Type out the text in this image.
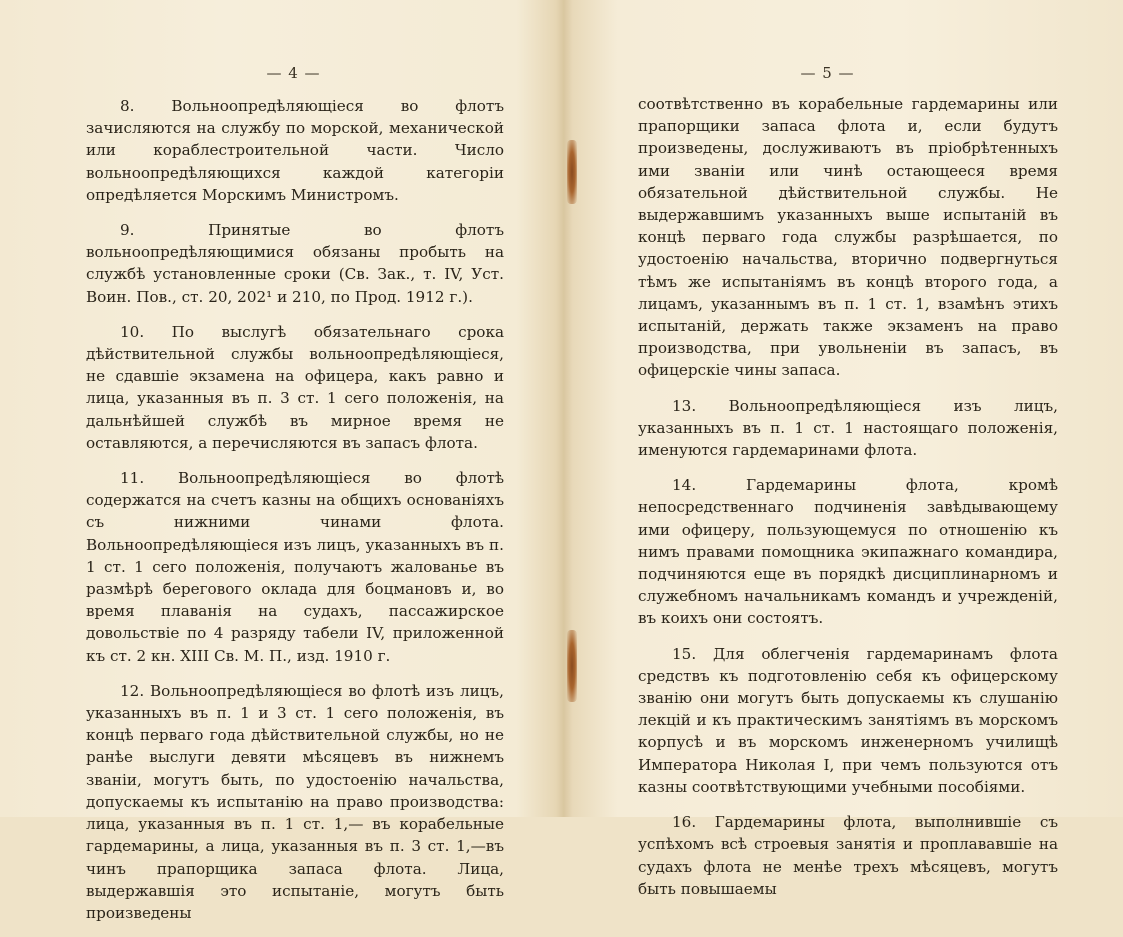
— 4 —

8. Вольноопредѣляющіеся во флотъ зачисляются на службу по морской, механической или кораблестроительной части. Число вольноопредѣляющихся каждой категоріи опредѣляется Морскимъ Министромъ.

9. Принятые во флотъ вольноопредѣляющимися обязаны пробыть на службѣ установленные сроки (Св. Зак., т. IV, Уст. Воин. Пов., ст. 20, 202¹ и 210, по Прод. 1912 г.).

10. По выслугѣ обязательнаго срока дѣйствительной службы вольноопредѣляющіеся, не сдавшіе экзамена на офицера, какъ равно и лица, указанныя въ п. 3 ст. 1 сего положенія, на дальнѣйшей службѣ въ мирное время не оставляются, а перечисляются въ запасъ флота.

11. Вольноопредѣляющіеся во флотѣ содержатся на счетъ казны на общихъ основаніяхъ съ нижними чинами флота. Вольноопредѣляющіеся изъ лицъ, указанныхъ въ п. 1 ст. 1 сего положенія, получаютъ жалованье въ размѣрѣ берегового оклада для боцмановъ и, во время плаванія на судахъ, пассажирское довольствіе по 4 разряду табели IV, приложенной къ ст. 2 кн. XIII Св. М. П., изд. 1910 г.

12. Вольноопредѣляющіеся во флотѣ изъ лицъ, указанныхъ въ п. 1 и 3 ст. 1 сего положенія, въ концѣ перваго года дѣйствительной службы, но не ранѣе выслуги девяти мѣсяцевъ въ нижнемъ званіи, могутъ быть, по удостоенію начальства, допускаемы къ испытанію на право производства: лица, указанныя въ п. 1 ст. 1,— въ корабельные гардемарины, а лица, указанныя въ п. 3 ст. 1,—въ чинъ прапорщика запаса флота. Лица, выдержавшія это испытаніе, могутъ быть произведены

— 5 —

соотвѣтственно въ корабельные гардемарины или прапорщики запаса флота и, если будутъ произведены, дослуживаютъ въ пріобрѣтенныхъ ими званіи или чинѣ остающееся время обязательной дѣйствительной службы. Не выдержавшимъ указанныхъ выше испытаній въ концѣ перваго года службы разрѣшается, по удостоенію начальства, вторично подвергнуться тѣмъ же испытаніямъ въ концѣ второго года, а лицамъ, указаннымъ въ п. 1 ст. 1, взамѣнъ этихъ испытаній, держать также экзаменъ на право производства, при увольненіи въ запасъ, въ офицерскіе чины запаса.

13. Вольноопредѣляющіеся изъ лицъ, указанныхъ въ п. 1 ст. 1 настоящаго положенія, именуются гардемаринами флота.

14. Гардемарины флота, кромѣ непосредственнаго подчиненія завѣдывающему ими офицеру, пользующемуся по отношенію къ нимъ правами помощника экипажнаго командира, подчиняются еще въ порядкѣ дисциплинарномъ и служебномъ начальникамъ командъ и учрежденій, въ коихъ они состоятъ.

15. Для облегченія гардемаринамъ флота средствъ къ подготовленію себя къ офицерскому званію они могутъ быть допускаемы къ слушанію лекцій и къ практическимъ занятіямъ въ морскомъ корпусѣ и въ морскомъ инженерномъ училищѣ Императора Николая I, при чемъ пользуются отъ казны соотвѣтствующими учебными пособіями.

16. Гардемарины флота, выполнившіе съ успѣхомъ всѣ строевыя занятія и проплававшіе на судахъ флота не менѣе трехъ мѣсяцевъ, могутъ быть повышаемы
